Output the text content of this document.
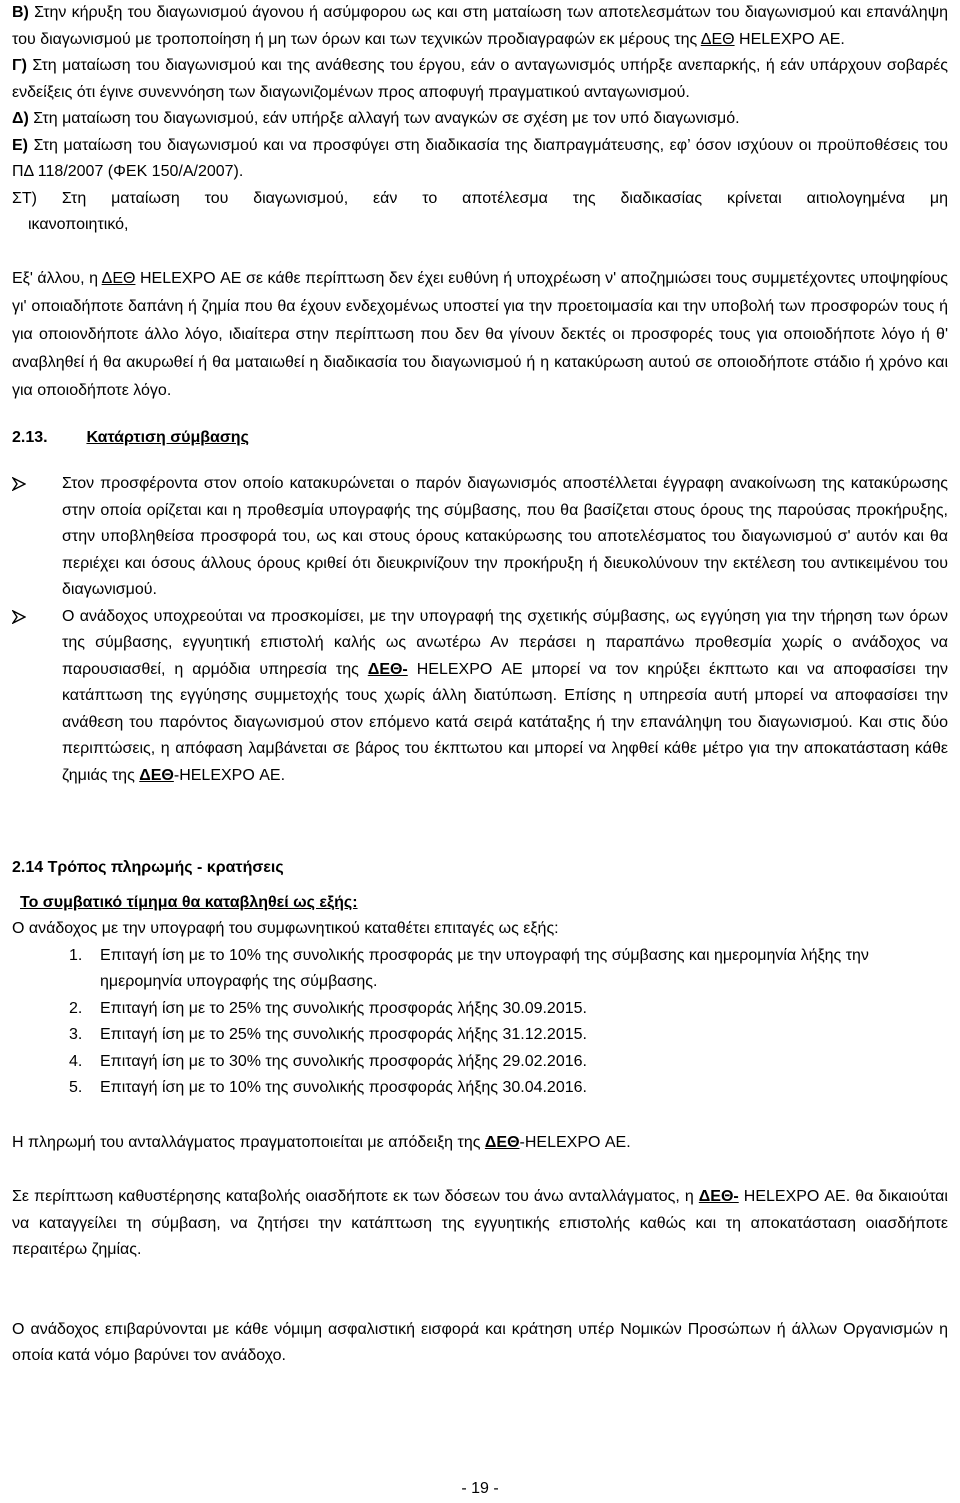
Β) Στην κήρυξη του διαγωνισμού άγονου ή ασύμφορου ως και στη ματαίωση των αποτελεσμάτων του διαγωνισμού και επανάληψη του διαγωνισμού με τροποποίηση ή μη των όρων και των τεχνικών προδιαγραφών εκ μέρους της ΔΕΘ HELEXPO ΑΕ.

Γ) Στη ματαίωση του διαγωνισμού και της ανάθεσης του έργου, εάν ο ανταγωνισμός υπήρξε ανεπαρκής, ή εάν υπάρχουν σοβαρές ενδείξεις ότι έγινε συνεννόηση των διαγωνιζομένων προς αποφυγή πραγματικού ανταγωνισμού.

Δ) Στη ματαίωση του διαγωνισμού, εάν υπήρξε αλλαγή των αναγκών σε σχέση με τον υπό διαγωνισμό.

Ε) Στη ματαίωση του διαγωνισμού και να προσφύγει στη διαδικασία της διαπραγμάτευσης, εφ’ όσον ισχύουν οι προϋποθέσεις του ΠΔ 118/2007 (ΦΕΚ 150/Α/2007).

ΣΤ) Στη ματαίωση του διαγωνισμού, εάν το αποτέλεσμα της διαδικασίας κρίνεται αιτιολογημένα μη

ικανοποιητικό,

Εξ' άλλου, η ΔΕΘ HELEXPO ΑΕ σε κάθε περίπτωση δεν έχει ευθύνη ή υποχρέωση ν' αποζημιώσει τους συμμετέχοντες υποψηφίους γι' οποιαδήποτε δαπάνη ή ζημία που θα έχουν ενδεχομένως υποστεί για την προετοιμασία και την υποβολή των προσφορών τους ή για οποιονδήποτε άλλο λόγο, ιδιαίτερα στην περίπτωση που δεν θα γίνουν δεκτές οι προσφορές τους για οποιοδήποτε λόγο ή θ' αναβληθεί ή θα ακυρωθεί ή θα ματαιωθεί η διαδικασία του διαγωνισμού ή η κατακύρωση αυτού σε οποιοδήποτε στάδιο ή χρόνο και για οποιοδήποτε λόγο.

2.13. Κατάρτιση σύμβασης
Στον προσφέροντα στον οποίο κατακυρώνεται ο παρόν διαγωνισμός αποστέλλεται έγγραφη ανακοίνωση της κατακύρωσης στην οποία ορίζεται και η προθεσμία υπογραφής της σύμβασης, που θα βασίζεται στους όρους της παρούσας προκήρυξης, στην υποβληθείσα προσφορά του, ως και στους όρους κατακύρωσης του αποτελέσματος του διαγωνισμού σ' αυτόν και θα περιέχει και όσους άλλους όρους κριθεί ότι διευκρινίζουν την προκήρυξη ή διευκολύνουν την εκτέλεση του αντικειμένου του διαγωνισμού.
Ο ανάδοχος υποχρεούται να προσκομίσει, με την υπογραφή της σχετικής σύμβασης, ως εγγύηση για την τήρηση των όρων της σύμβασης, εγγυητική επιστολή καλής ως ανωτέρω Αν περάσει η παραπάνω προθεσμία χωρίς ο ανάδοχος να παρουσιασθεί, η αρμόδια υπηρεσία της ΔΕΘ- HELEXPO ΑΕ μπορεί να τον κηρύξει έκπτωτο και να αποφασίσει την κατάπτωση της εγγύησης συμμετοχής τους χωρίς άλλη διατύπωση. Επίσης η υπηρεσία αυτή μπορεί να αποφασίσει την ανάθεση του παρόντος διαγωνισμού στον επόμενο κατά σειρά κατάταξης ή την επανάληψη του διαγωνισμού. Και στις δύο περιπτώσεις, η απόφαση λαμβάνεται σε βάρος του έκπτωτου και μπορεί να ληφθεί κάθε μέτρο για την αποκατάσταση κάθε ζημιάς της ΔΕΘ-HELEXPO ΑΕ.
2.14 Τρόπος πληρωμής - κρατήσεις

Το συμβατικό τίμημα θα καταβληθεί ως εξής:

Ο ανάδοχος με την υπογραφή του συμφωνητικού καταθέτει επιταγές ως εξής:

1. Επιταγή ίση με το 10% της συνολικής προσφοράς με την υπογραφή της σύμβασης και ημερομηνία λήξης την ημερομηνία υπογραφής της σύμβασης.
2. Επιταγή ίση με το 25% της συνολικής προσφοράς λήξης 30.09.2015.
3. Επιταγή ίση με το 25% της συνολικής προσφοράς λήξης 31.12.2015.
4. Επιταγή ίση με το 30% της συνολικής προσφοράς λήξης 29.02.2016.
5. Επιταγή ίση με το 10% της συνολικής προσφοράς λήξης 30.04.2016.

Η πληρωμή του ανταλλάγματος πραγματοποιείται με απόδειξη της ΔΕΘ-HELEXPO ΑΕ.

Σε περίπτωση καθυστέρησης καταβολής οιασδήποτε εκ των δόσεων του άνω ανταλλάγματος, η ΔΕΘ- HELEXPO ΑΕ. θα δικαιούται να καταγγείλει τη σύμβαση, να ζητήσει την κατάπτωση της εγγυητικής επιστολής καθώς και τη αποκατάσταση οιασδήποτε περαιτέρω ζημίας.

Ο ανάδοχος επιβαρύνονται με κάθε νόμιμη ασφαλιστική εισφορά και κράτηση υπέρ Νομικών Προσώπων ή άλλων Οργανισμών η οποία κατά νόμο βαρύνει τον ανάδοχο.

- 19 -
